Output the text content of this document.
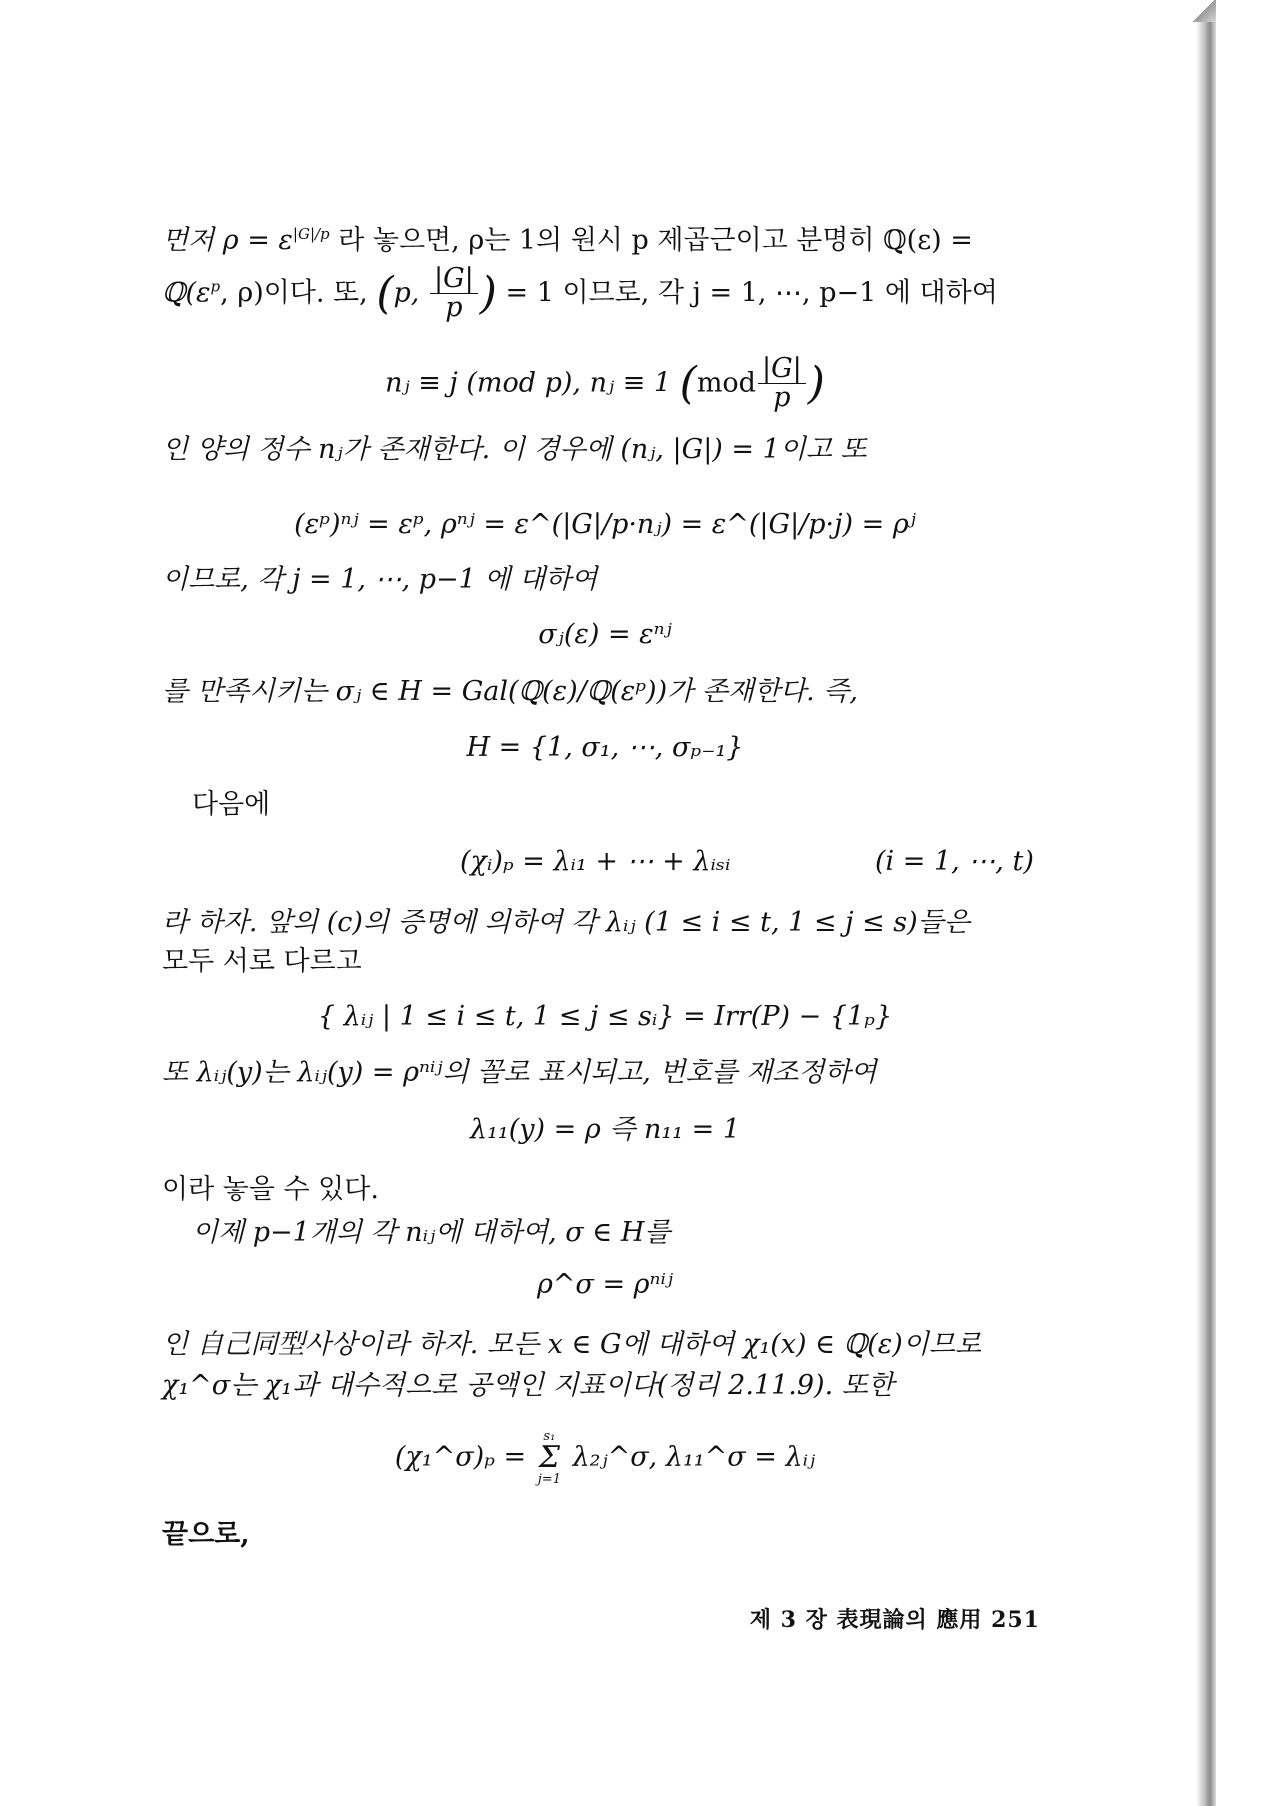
먼저 $\rho = \varepsilon^{|G|/p}$ 라 놓으면, ρ는 1의 원시 p 제곱근이고 분명히 ℚ(ε) =
$ℚ(\varepsilon^p$, ρ)이다. 또, (p, $\frac{|G|}{p}$ ) = 1 이므로, 각 j = 1, ⋯, p−1 에 대하여
nⱼ ≡ j (mod p), nⱼ ≡ 1 ($mod \frac{|G|}{p}$ )
인 양의 정수 nⱼ가 존재한다. 이 경우에 (nⱼ, |G|) = 1이고 또
(εᵖ)ⁿʲ = εᵖ, ρⁿʲ = ε^(|G|/p·nⱼ) = ε^(|G|/p·j) = ρʲ
이므로, 각 j = 1, ⋯, p−1 에 대하여
σⱼ(ε) = εⁿʲ
를 만족시키는 σⱼ ∈ H = Gal(ℚ(ε)/ℚ(εᵖ))가 존재한다. 즉,
H = {1, σ₁, ⋯, σₚ₋₁}
다음에
(χᵢ)ₚ = λᵢ₁ + ⋯ + λᵢₛᵢ	(i = 1, ⋯, t)
라 하자. 앞의 (c)의 증명에 의하여 각 λᵢⱼ (1 ≤ i ≤ t, 1 ≤ j ≤ s)들은
모두 서로 다르고
{ λᵢⱼ | 1 ≤ i ≤ t, 1 ≤ j ≤ sᵢ} = Irr(P) − {1ₚ}
또 λᵢⱼ(y)는 λᵢⱼ(y) = ρⁿⁱʲ의 꼴로 표시되고, 번호를 재조정하여
λ₁₁(y) = ρ 즉 n₁₁ = 1
이라 놓을 수 있다.
이제 p−1개의 각 nᵢⱼ에 대하여, σ ∈ H를
ρ^σ = ρⁿⁱʲ
인 自己同型사상이라 하자. 모든 x ∈ G에 대하여 χ₁(x) ∈ ℚ(ε)이므로
χ₁^σ는 χ₁과 대수적으로 공액인 지표이다(정리 2.11.9). 또한
(χ₁^σ)ₚ =
s₁
Σ
j=1
λ₂ⱼ^σ, λ₁₁^σ = λᵢⱼ
끝으로,
제 3 장 表現論의 應用 251
